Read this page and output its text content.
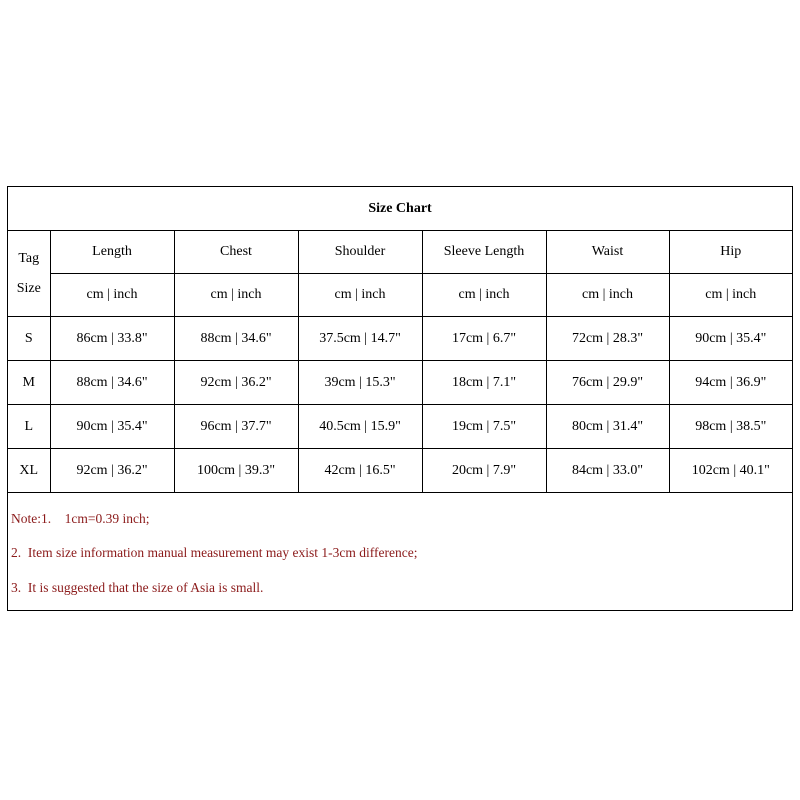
Size Chart						

Tag
Size	Length	Chest	Shoulder	Sleeve Length	Waist	Hip
	cm | inch	cm | inch	cm | inch	cm | inch	cm | inch	cm | inch
S	86cm | 33.8"	88cm | 34.6"	37.5cm | 14.7"	17cm | 6.7"	72cm | 28.3"	90cm | 35.4"
M	88cm | 34.6"	92cm | 36.2"	39cm | 15.3"	18cm | 7.1"	76cm | 29.9"	94cm | 36.9"
L	90cm | 35.4"	96cm | 37.7"	40.5cm | 15.9"	19cm | 7.5"	80cm | 31.4"	98cm | 38.5"
XL	92cm | 36.2"	100cm | 39.3"	42cm | 16.5"	20cm | 7.9"	84cm | 33.0"	102cm | 40.1"
Note:1.    1cm=0.39 inch;
2.  Item size information manual measurement may exist 1-3cm difference;
3.  It is suggested that the size of Asia is small.
